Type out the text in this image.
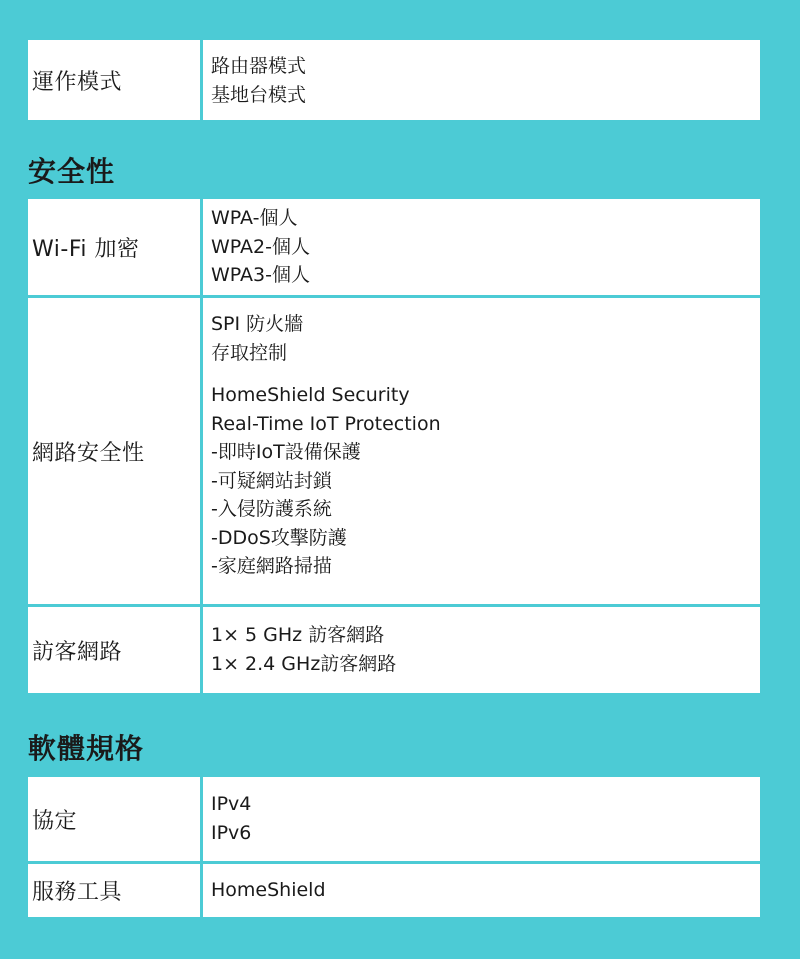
運作模式
路由器模式
基地台模式
安全性
Wi-Fi 加密
WPA-個人
WPA2-個人
WPA3-個人
網路安全性
SPI 防火牆
存取控制
HomeShield Security
Real-Time IoT Protection
-即時IoT設備保護
-可疑網站封鎖
-入侵防護系統
-DDoS攻擊防護
-家庭網路掃描
訪客網路
1× 5 GHz 訪客網路
1× 2.4 GHz訪客網路
軟體規格
協定
IPv4
IPv6
服務工具	HomeShield
